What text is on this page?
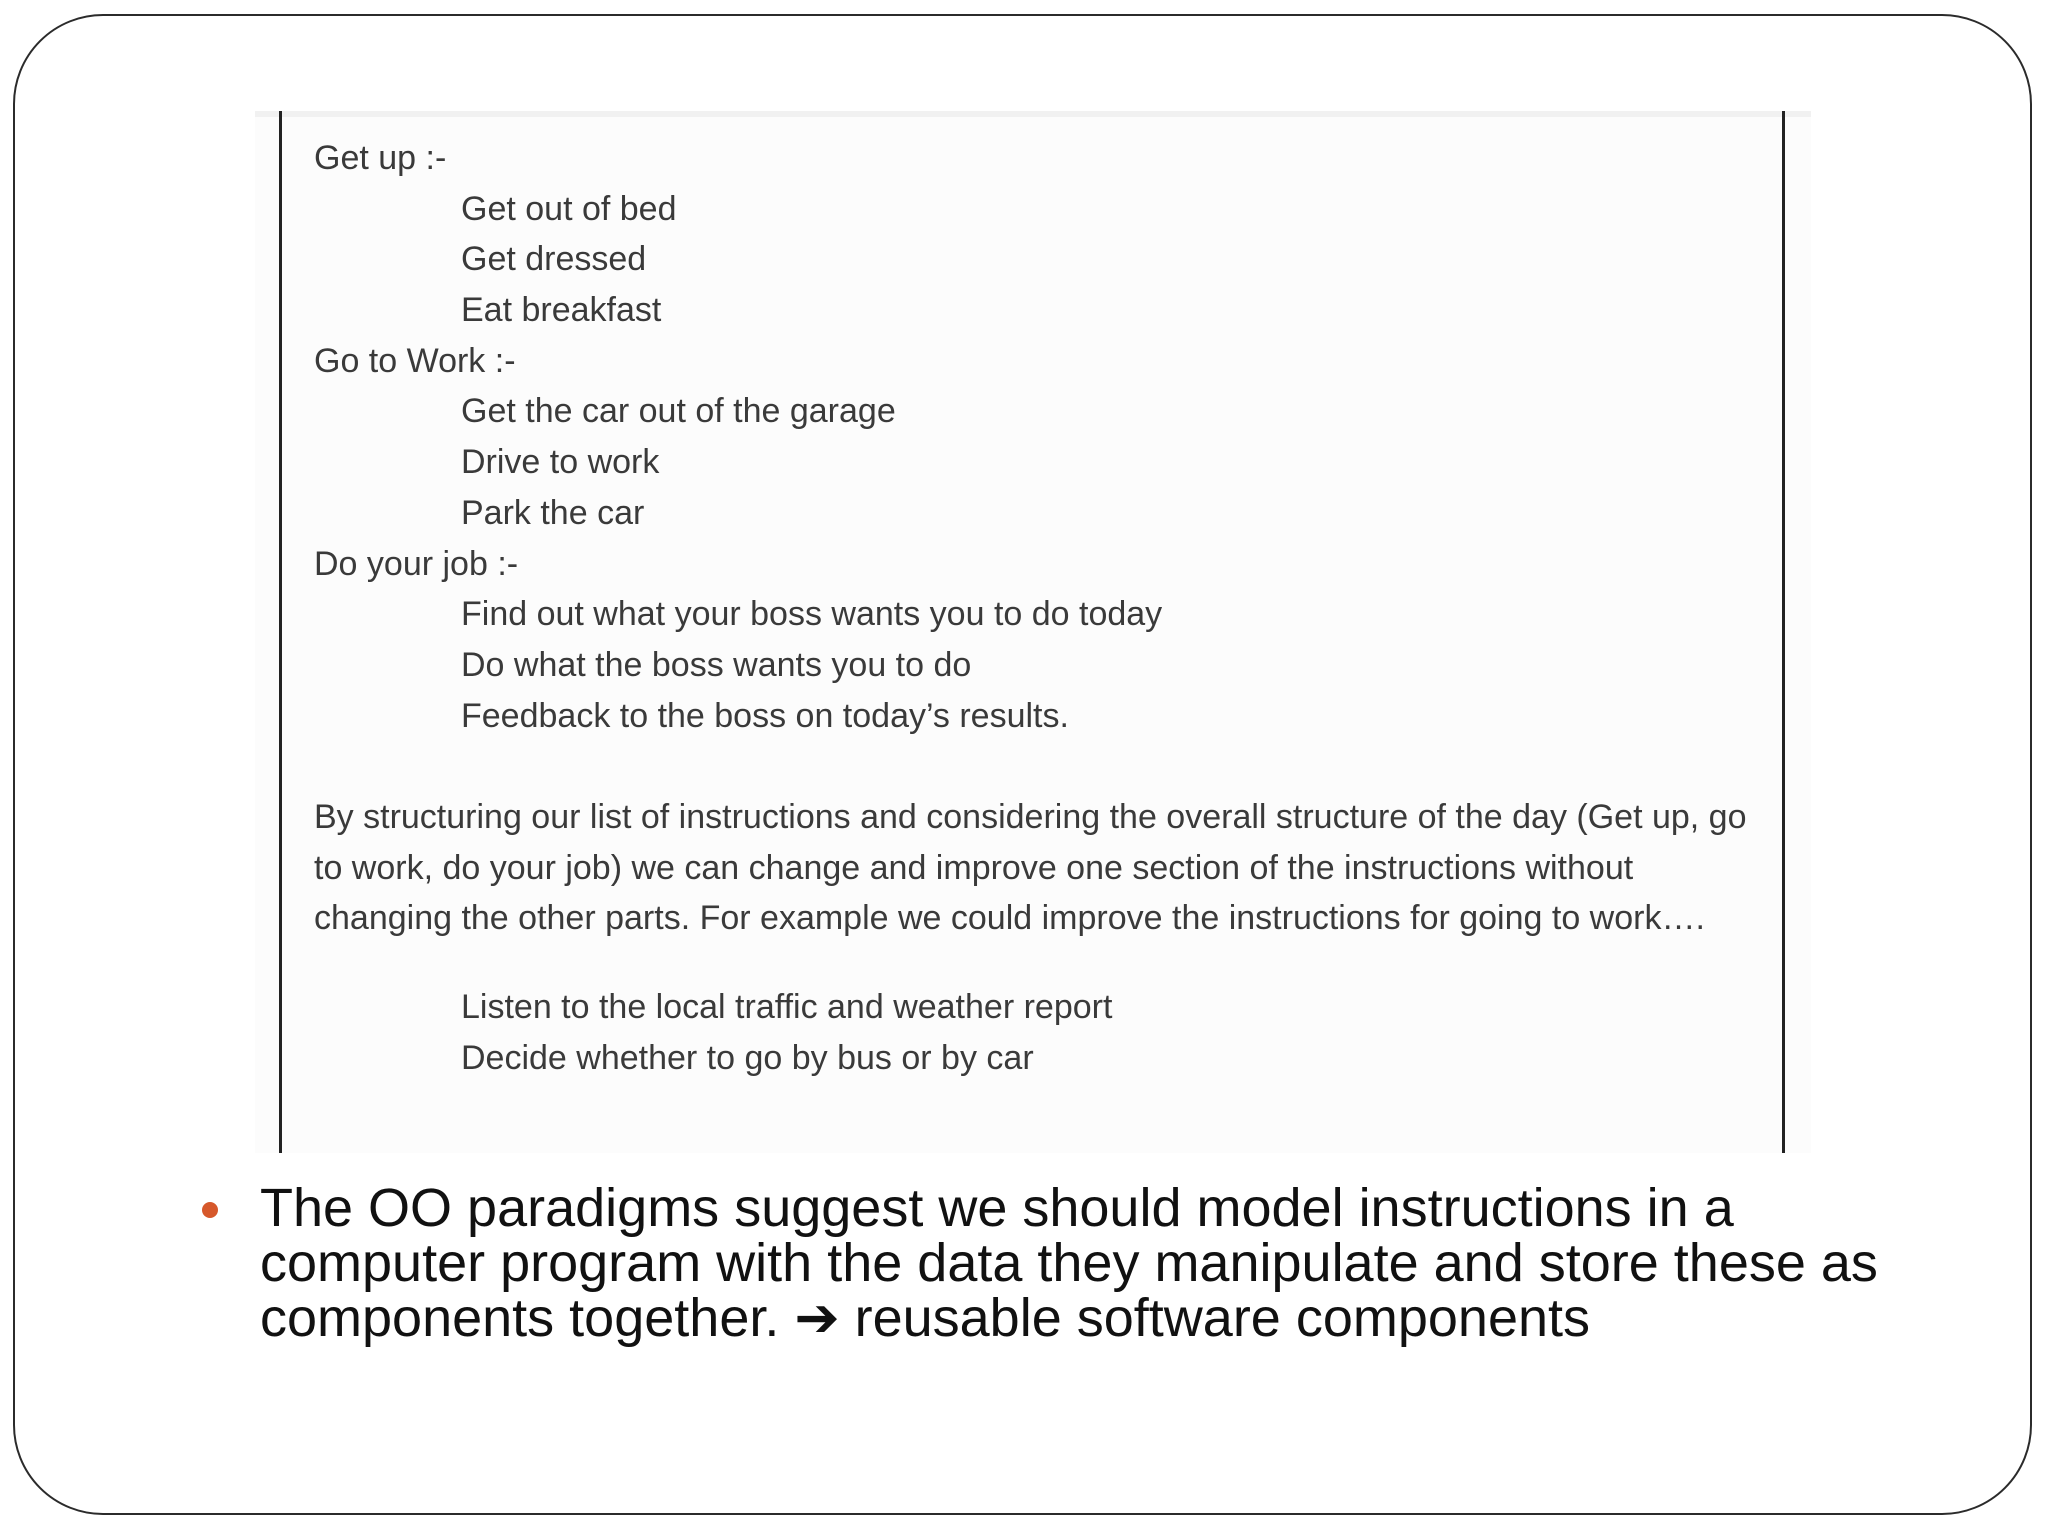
Get up :-
Get out of bed
Get dressed
Eat breakfast
Go to Work :-
Get the car out of the garage
Drive to work
Park the car
Do your job :-
Find out what your boss wants you to do today
Do what the boss wants you to do
Feedback to the boss on today’s results.
By structuring our list of instructions and considering the overall structure of the day (Get up, go to work, do your job) we can change and improve one section of the instructions without changing the other parts. For example we could improve the instructions for going to work….
Listen to the local traffic and weather report
Decide whether to go by bus or by car
The OO paradigms suggest we should model instructions in a computer program with the data they manipulate and store these as components together. ➔ reusable software components
